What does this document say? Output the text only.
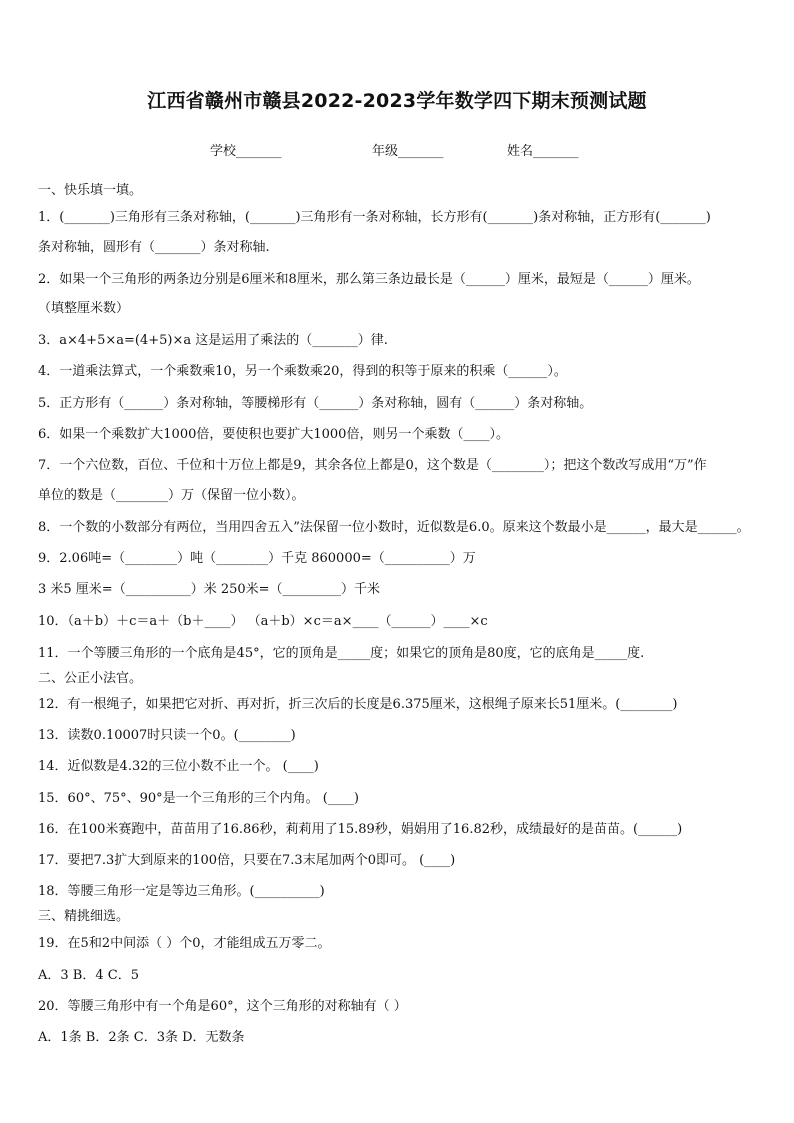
江西省赣州市赣县2022-2023学年数学四下期末预测试题
学校_______	年级_______	姓名_______
一、快乐填一填。
1．(_______)三角形有三条对称轴，(_______)三角形有一条对称轴，长方形有(_______)条对称轴，正方形有(_______)
条对称轴，圆形有（_______）条对称轴.
2．如果一个三角形的两条边分别是6厘米和8厘米，那么第三条边最长是（______）厘米，最短是（______）厘米。
（填整厘米数）
3．a×4+5×a=(4+5)×a 这是运用了乘法的（_______）律.
4．一道乘法算式，一个乘数乘10，另一个乘数乘20，得到的积等于原来的积乘（______）。
5．正方形有（______）条对称轴，等腰梯形有（______）条对称轴，圆有（______）条对称轴。
6．如果一个乘数扩大1000倍，要使积也要扩大1000倍，则另一个乘数（____）。
7．一个六位数，百位、千位和十万位上都是9，其余各位上都是0，这个数是（________）；把这个数改写成用“万”作
单位的数是（________）万（保留一位小数）。
8．一个数的小数部分有两位，当用四舍五入”法保留一位小数时，近似数是6.0。原来这个数最小是______，最大是______。
9．2.06吨=（________）吨（________）千克 860000=（__________）万
3 米5 厘米=（__________）米 250米=（_________）千米
10．（a＋b）＋c＝a＋（b＋____） （a＋b）×c＝a×____（______）____×c
11．一个等腰三角形的一个底角是45°，它的顶角是_____度；如果它的顶角是80度，它的底角是_____度.
二、公正小法官。
12．有一根绳子，如果把它对折、再对折，折三次后的长度是6.375厘米，这根绳子原来长51厘米。(________)
13．读数0.10007时只读一个0。(________)
14．近似数是4.32的三位小数不止一个。 (____)
15．60°、75°、90°是一个三角形的三个内角。 (____)
16．在100米赛跑中，苗苗用了16.86秒，莉莉用了15.89秒，娟娟用了16.82秒，成绩最好的是苗苗。(______)
17．要把7.3扩大到原来的100倍，只要在7.3末尾加两个0即可。 (____)
18．等腰三角形一定是等边三角形。(__________)
三、精挑细选。
19．在5和2中间添（ ）个0，才能组成五万零二。
A．3 B．4 C．5
20．等腰三角形中有一个角是60°，这个三角形的对称轴有（ ）
A．1条 B．2条 C．3条 D．无数条
